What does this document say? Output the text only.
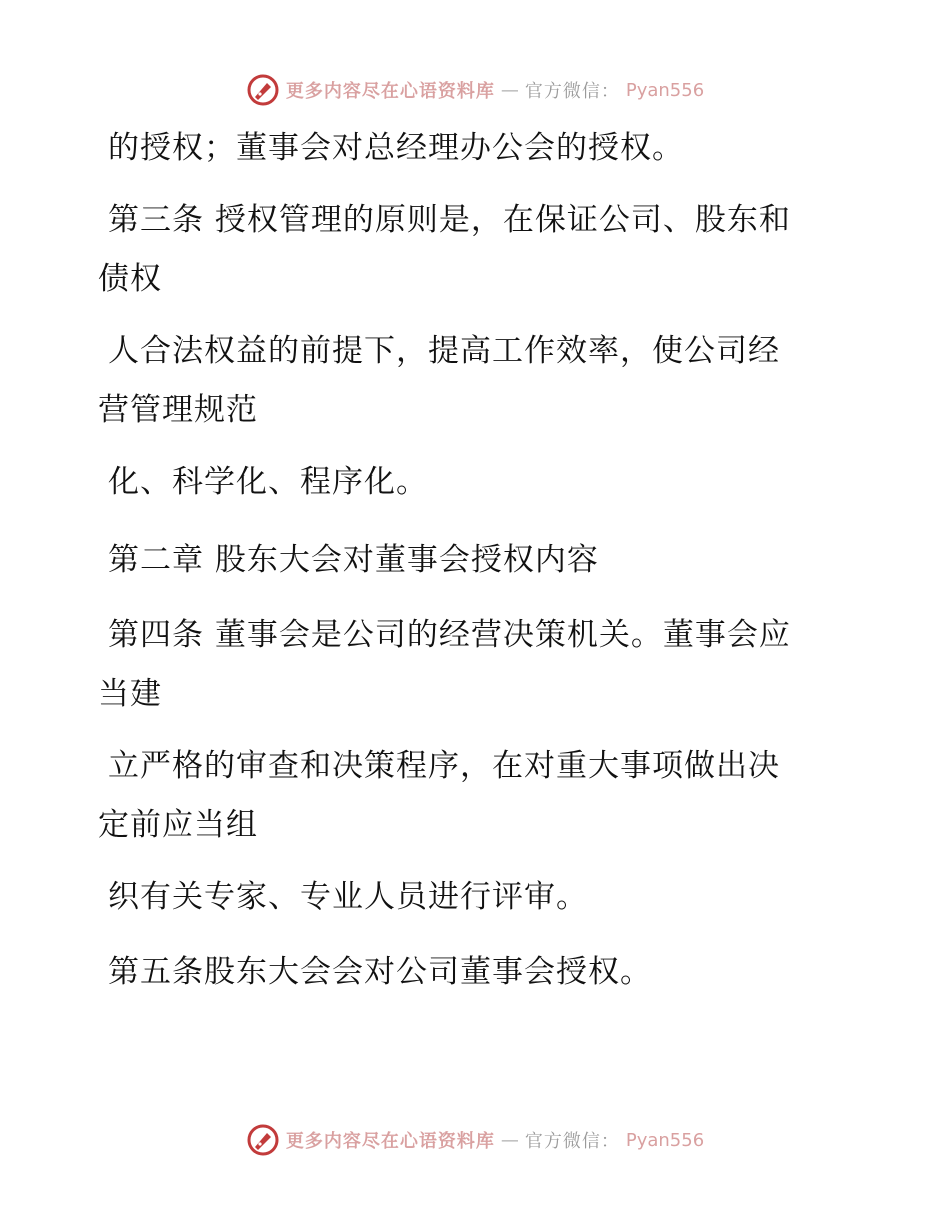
更多内容尽在心语资料库 — 官方微信： Pyan556
的授权；董事会对总经理办公会的授权。
第三条 授权管理的原则是，在保证公司、股东和
债权
人合法权益的前提下，提高工作效率，使公司经
营管理规范
化、科学化、程序化。
第二章 股东大会对董事会授权内容
第四条 董事会是公司的经营决策机关。董事会应
当建
立严格的审查和决策程序，在对重大事项做出决
定前应当组
织有关专家、专业人员进行评审。
第五条股东大会会对公司董事会授权。
更多内容尽在心语资料库 — 官方微信： Pyan556
